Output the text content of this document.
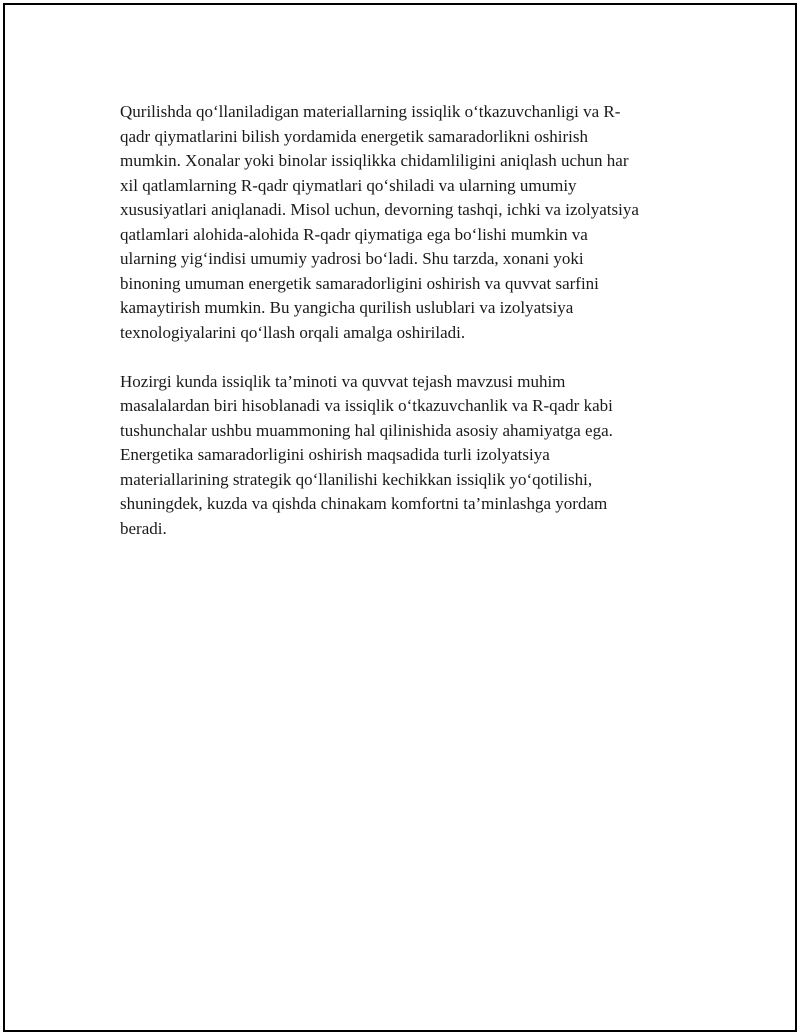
Qurilishda qo‘llaniladigan materiallarning issiqlik o‘tkazuvchanligi va R-
qadr qiymatlarini bilish yordamida energetik samaradorlikni oshirish
mumkin. Xonalar yoki binolar issiqlikka chidamliligini aniqlash uchun har
xil qatlamlarning R-qadr qiymatlari qo‘shiladi va ularning umumiy
xususiyatlari aniqlanadi. Misol uchun, devorning tashqi, ichki va izolyatsiya
qatlamlari alohida-alohida R-qadr qiymatiga ega bo‘lishi mumkin va
ularning yig‘indisi umumiy yadrosi bo‘ladi. Shu tarzda, xonani yoki
binoning umuman energetik samaradorligini oshirish va quvvat sarfini
kamaytirish mumkin. Bu yangicha qurilish uslublari va izolyatsiya
texnologiyalarini qo‘llash orqali amalga oshiriladi.

Hozirgi kunda issiqlik ta’minoti va quvvat tejash mavzusi muhim
masalalardan biri hisoblanadi va issiqlik o‘tkazuvchanlik va R-qadr kabi
tushunchalar ushbu muammoning hal qilinishida asosiy ahamiyatga ega.
Energetika samaradorligini oshirish maqsadida turli izolyatsiya
materiallarining strategik qo‘llanilishi kechikkan issiqlik yo‘qotilishi,
shuningdek, kuzda va qishda chinakam komfortni ta’minlashga yordam
beradi.
